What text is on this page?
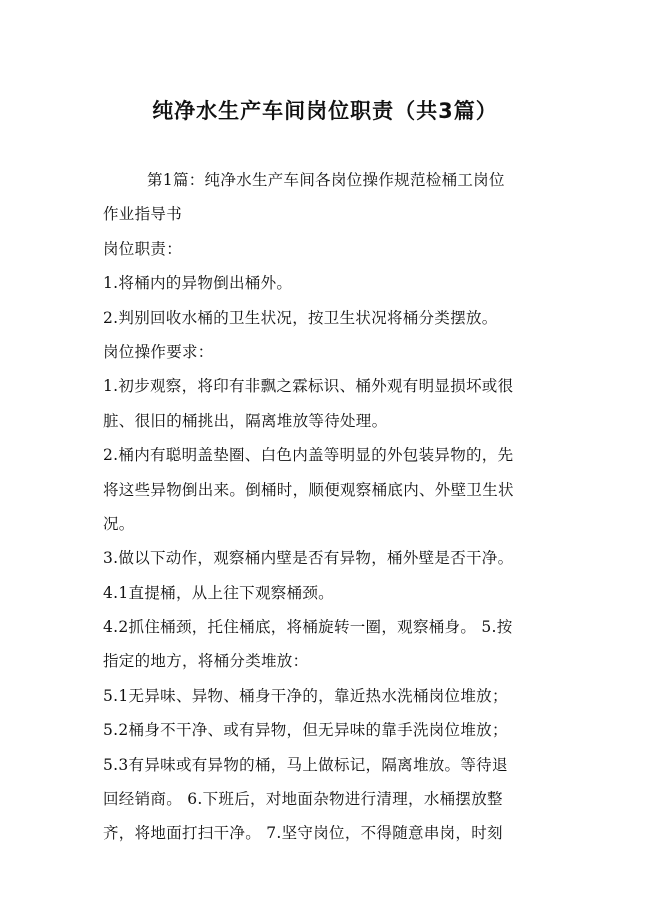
纯净水生产车间岗位职责（共3篇）

第1篇：纯净水生产车间各岗位操作规范检桶工岗位

作业指导书

岗位职责：

1.将桶内的异物倒出桶外。

2.判别回收水桶的卫生状况，按卫生状况将桶分类摆放。

岗位操作要求：

1.初步观察，将印有非飘之霖标识、桶外观有明显损坏或很

脏、很旧的桶挑出，隔离堆放等待处理。

2.桶内有聪明盖垫圈、白色内盖等明显的外包装异物的，先

将这些异物倒出来。倒桶时，顺便观察桶底内、外壁卫生状

况。

3.做以下动作，观察桶内壁是否有异物，桶外壁是否干净。

4.1直提桶，从上往下观察桶颈。

4.2抓住桶颈，托住桶底，将桶旋转一圈，观察桶身。 5.按

指定的地方，将桶分类堆放：

5.1无异味、异物、桶身干净的，靠近热水洗桶岗位堆放；

5.2桶身不干净、或有异物，但无异味的靠手洗岗位堆放；

5.3有异味或有异物的桶，马上做标记，隔离堆放。等待退

回经销商。 6.下班后，对地面杂物进行清理，水桶摆放整

齐，将地面打扫干净。 7.坚守岗位，不得随意串岗，时刻
